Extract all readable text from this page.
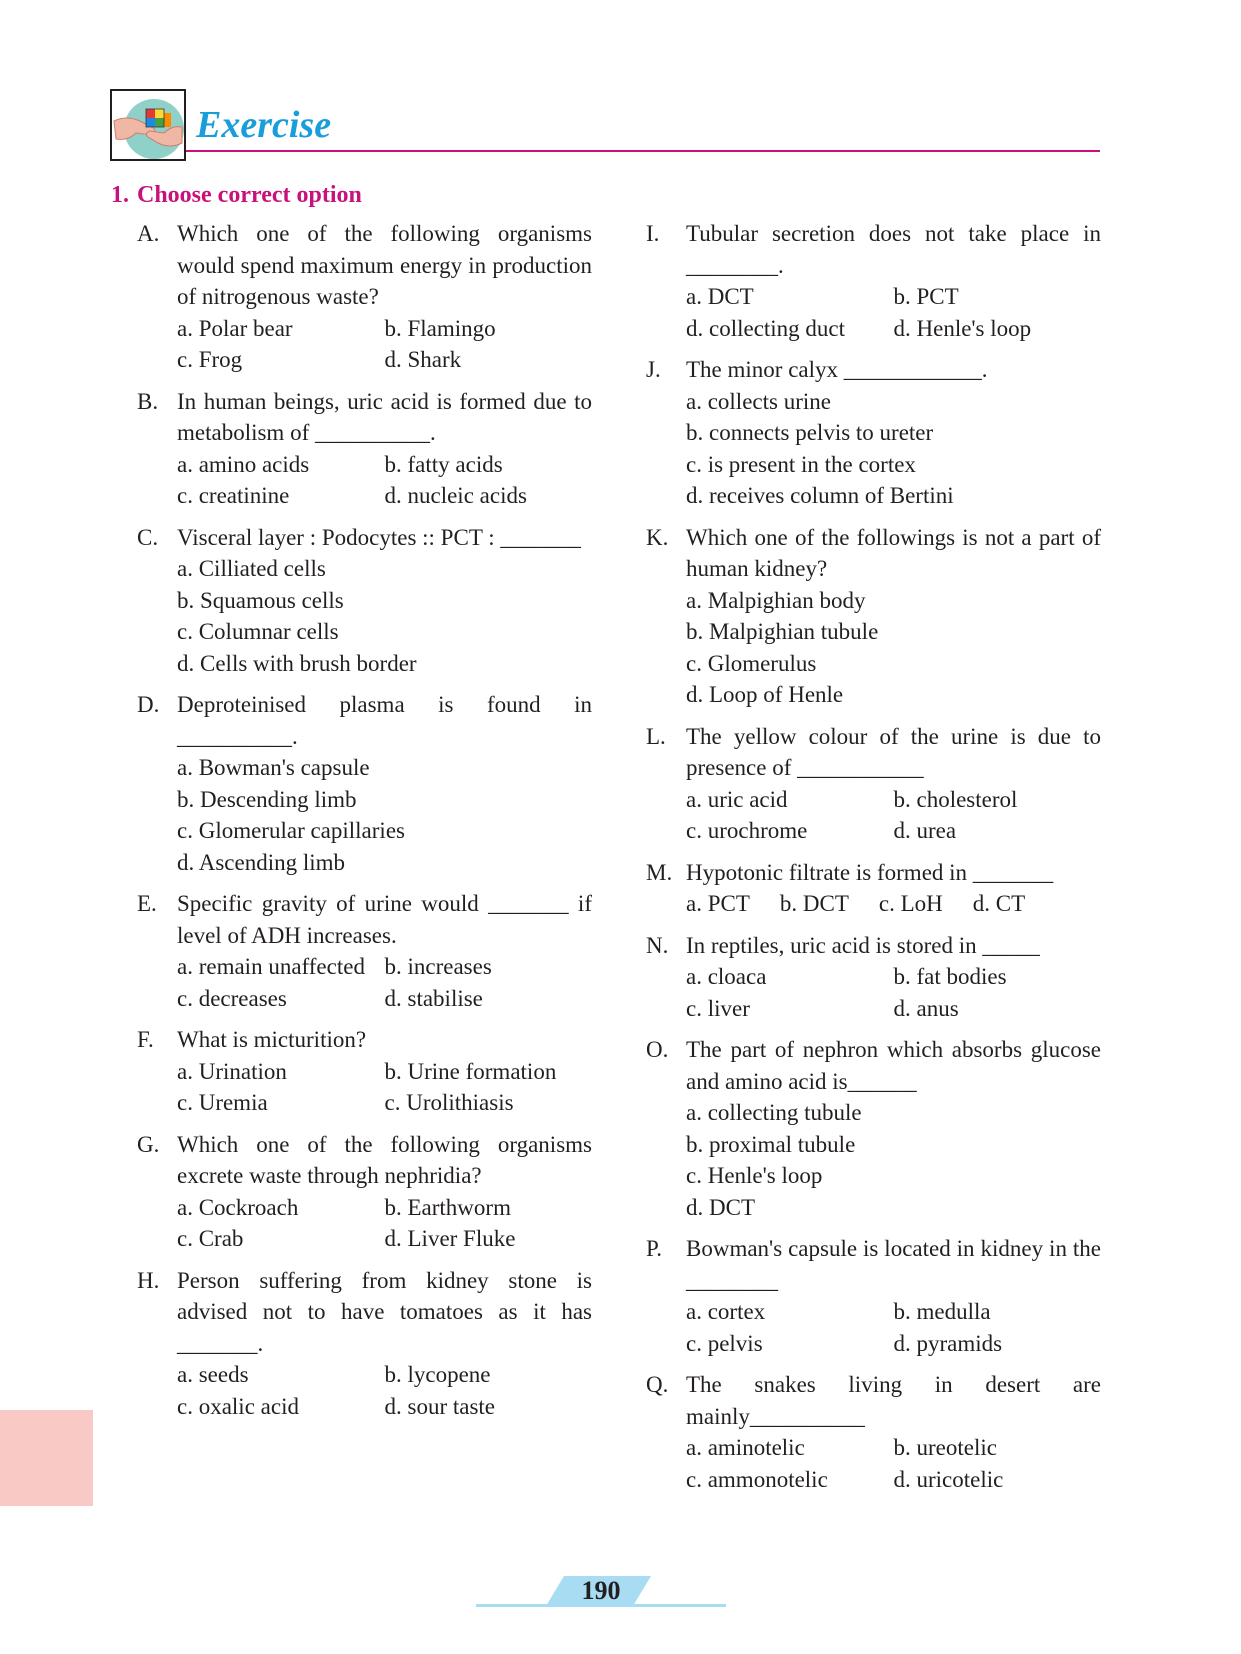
Exercise
1. Choose correct option
A. Which one of the following organisms would spend maximum energy in production of nitrogenous waste?
a. Polar bear	b. Flamingo
c. Frog	d. Shark
B. In human beings, uric acid is formed due to metabolism of __________.
a. amino acids	b. fatty acids
c. creatinine	d. nucleic acids
C. Visceral layer : Podocytes :: PCT : _______
a. Cilliated cells
b. Squamous cells
c. Columnar cells
d. Cells with brush border
D. Deproteinised plasma is found in __________.
a. Bowman's capsule
b. Descending limb
c. Glomerular capillaries
d. Ascending limb
E. Specific gravity of urine would _______ if level of ADH increases.
a. remain unaffected b. increases
c. decreases	d. stabilise
F. What is micturition?
a. Urination	b. Urine formation
c. Uremia	c. Urolithiasis
G. Which one of the following organisms excrete waste through nephridia?
a. Cockroach	b. Earthworm
c. Crab	d. Liver Fluke
H. Person suffering from kidney stone is advised not to have tomatoes as it has _______.
a. seeds	b. lycopene
c. oxalic acid	d. sour taste
I. Tubular secretion does not take place in ________.
a. DCT	b. PCT
d. collecting duct	d. Henle's loop
J. The minor calyx ____________.
a. collects urine
b. connects pelvis to ureter
c. is present in the cortex
d. receives column of Bertini
K. Which one of the followings is not a part of human kidney?
a. Malpighian body
b. Malpighian tubule
c. Glomerulus
d. Loop of Henle
L. The yellow colour of the urine is due to presence of ___________
a. uric acid	b. cholesterol
c. urochrome	d. urea
M. Hypotonic filtrate is formed in _______
a. PCT b. DCT c. LoH d. CT
N. In reptiles, uric acid is stored in _____
a. cloaca	b. fat bodies
c. liver	d. anus
O. The part of nephron which absorbs glucose and amino acid is______
a. collecting tubule
b. proximal tubule
c. Henle's loop
d. DCT
P. Bowman's capsule is located in kidney in the ________
a. cortex	b. medulla
c. pelvis	d. pyramids
Q. The snakes living in desert are mainly__________
a. aminotelic	b. ureotelic
c. ammonotelic	d. uricotelic
190
